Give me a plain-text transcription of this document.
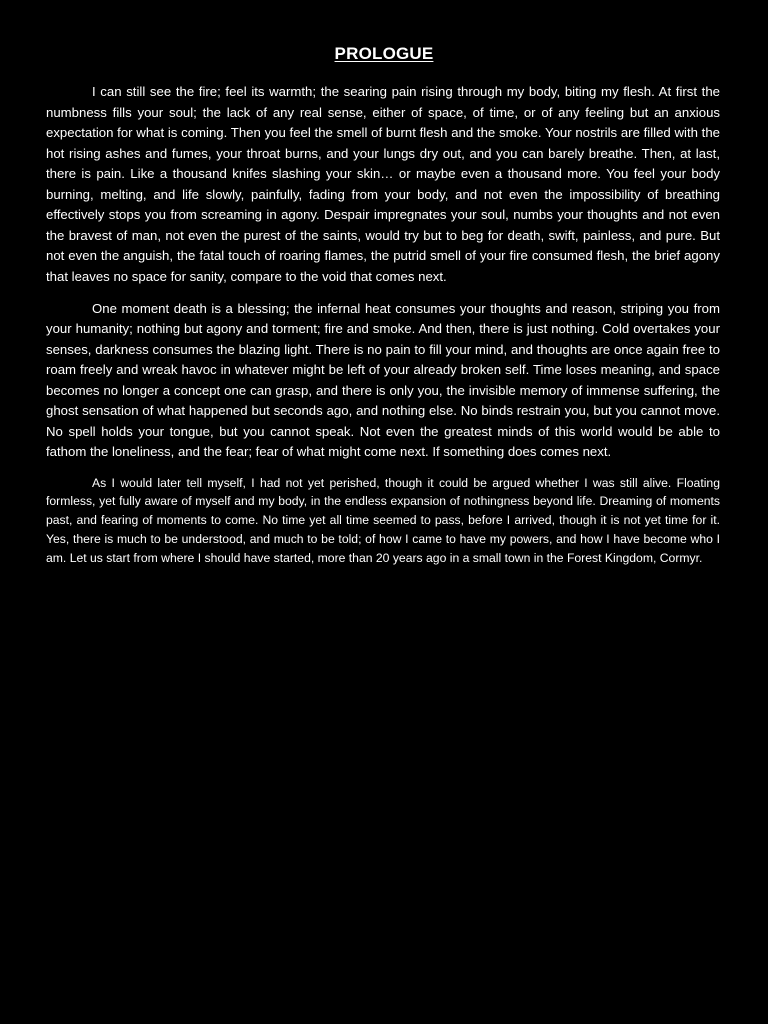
PROLOGUE

I can still see the fire; feel its warmth; the searing pain rising through my body, biting my flesh. At first the numbness fills your soul; the lack of any real sense, either of space, of time, or of any feeling but an anxious expectation for what is coming. Then you feel the smell of burnt flesh and the smoke. Your nostrils are filled with the hot rising ashes and fumes, your throat burns, and your lungs dry out, and you can barely breathe. Then, at last, there is pain. Like a thousand knifes slashing your skin… or maybe even a thousand more. You feel your body burning, melting, and life slowly, painfully, fading from your body, and not even the impossibility of breathing effectively stops you from screaming in agony. Despair impregnates your soul, numbs your thoughts and not even the bravest of man, not even the purest of the saints, would try but to beg for death, swift, painless, and pure. But not even the anguish, the fatal touch of roaring flames, the putrid smell of your fire consumed flesh, the brief agony that leaves no space for sanity, compare to the void that comes next.

One moment death is a blessing; the infernal heat consumes your thoughts and reason, striping you from your humanity; nothing but agony and torment; fire and smoke. And then, there is just nothing. Cold overtakes your senses, darkness consumes the blazing light. There is no pain to fill your mind, and thoughts are once again free to roam freely and wreak havoc in whatever might be left of your already broken self. Time loses meaning, and space becomes no longer a concept one can grasp, and there is only you, the invisible memory of immense suffering, the ghost sensation of what happened but seconds ago, and nothing else. No binds restrain you, but you cannot move. No spell holds your tongue, but you cannot speak. Not even the greatest minds of this world would be able to fathom the loneliness, and the fear; fear of what might come next. If something does comes next.

As I would later tell myself, I had not yet perished, though it could be argued whether I was still alive. Floating formless, yet fully aware of myself and my body, in the endless expansion of nothingness beyond life. Dreaming of moments past, and fearing of moments to come. No time yet all time seemed to pass, before I arrived, though it is not yet time for it. Yes, there is much to be understood, and much to be told; of how I came to have my powers, and how I have become who I am. Let us start from where I should have started, more than 20 years ago in a small town in the Forest Kingdom, Cormyr.
